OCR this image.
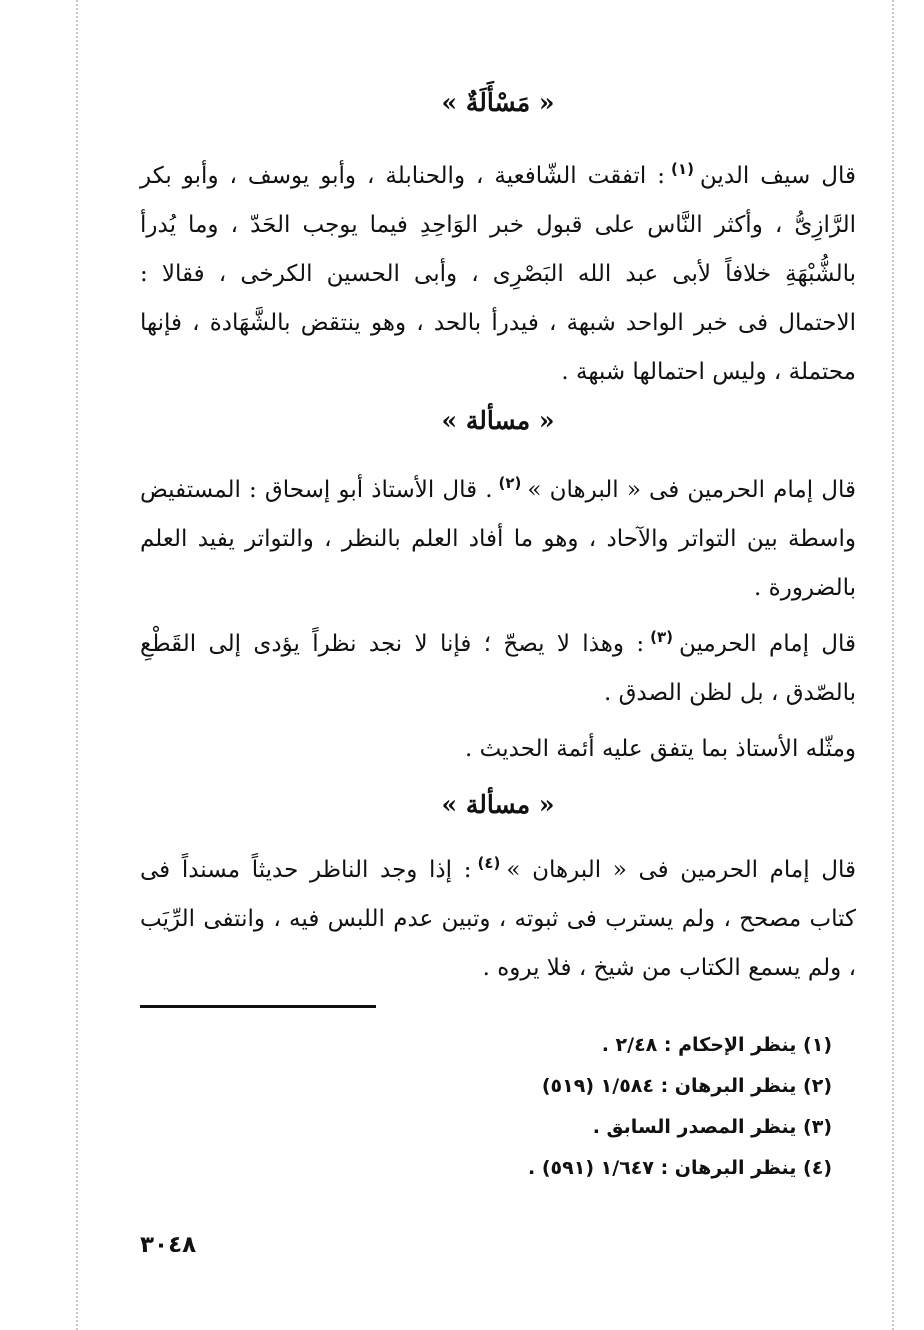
« مَسْأَلَةٌ »

قال سيف الدين$^{(١)}$: اتفقت الشّافعية ، والحنابلة ، وأبو يوسف ، وأبو بكر الرَّازِىُّ ، وأكثر النَّاس على قبول خبر الوَاحِدِ فيما يوجب الحَدّ ، وما يُدرأ بالشُّبْهَةِ خلافاً لأبى عبد الله البَصْرِى ، وأبى الحسين الكرخى ، فقالا : الاحتمال فى خبر الواحد شبهة ، فيدرأ بالحد ، وهو ينتقض بالشَّهَادة ، فإنها محتملة ، وليس احتمالها شبهة .

« مسألة »

قال إمام الحرمين فى « البرهان »$^{(٢)}$. قال الأستاذ أبو إسحاق : المستفيض واسطة بين التواتر والآحاد ، وهو ما أفاد العلم بالنظر ، والتواتر يفيد العلم بالضرورة .

قال إمام الحرمين$^{(٣)}$: وهذا لا يصحّ ؛ فإنا لا نجد نظراً يؤدى إلى القَطْعِ بالصّدق ، بل لظن الصدق .

ومثّله الأستاذ بما يتفق عليه أئمة الحديث .

« مسألة »

قال إمام الحرمين فى « البرهان »$^{(٤)}$: إذا وجد الناظر حديثاً مسنداً فى كتاب مصحح ، ولم يسترب فى ثبوته ، وتبين عدم اللبس فيه ، وانتفى الرِّيَب ، ولم يسمع الكتاب من شيخ ، فلا يروه .

(١) ينظر الإحكام : ٢/٤٨ .
(٢) ينظر البرهان : ١/٥٨٤ (٥١٩)
(٣) ينظر المصدر السابق .
(٤) ينظر البرهان : ١/٦٤٧ (٥٩١) .
٣٠٤٨
